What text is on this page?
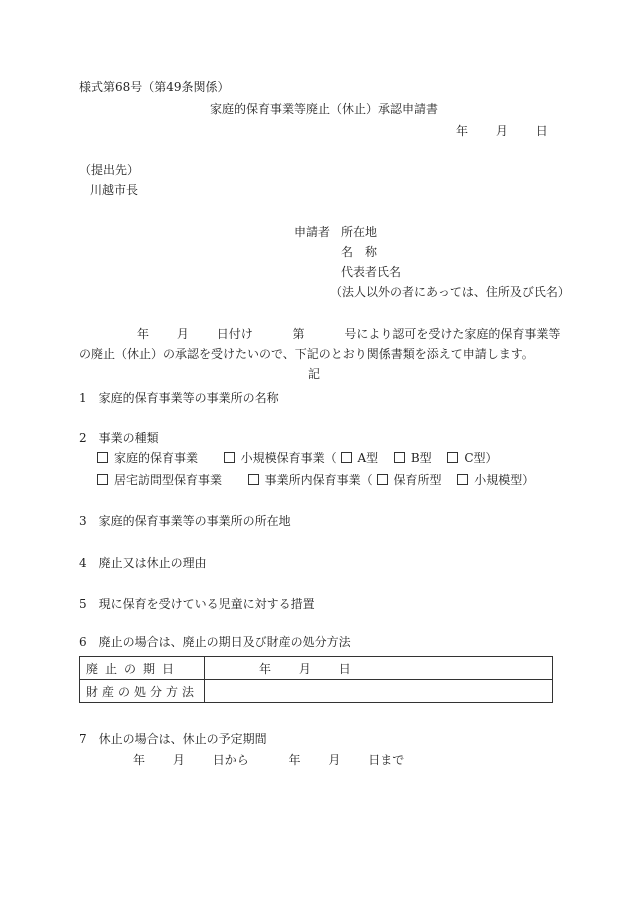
様式第68号（第49条関係）
家庭的保育事業等廃止（休止）承認申請書
年 月 日
（提出先）
川越市長
申請者 所在地
名　称
代表者氏名
（法人以外の者にあっては、住所及び氏名）
年 月 日付け	第	号により認可を受けた家庭的保育事業等
の廃止（休止）の承認を受けたいので、下記のとおり関係書類を添えて申請します。
記
1　家庭的保育事業等の事業所の名称
2　事業の種類
家庭的保育事業	小規模保育事業（ A型	B型	C型）
居宅訪問型保育事業	事業所内保育事業（ 保育所型	小規模型）
3　家庭的保育事業等の事業所の所在地
4　廃止又は休止の理由
5　現に保育を受けている児童に対する措置
6　廃止の場合は、廃止の期日及び財産の処分方法
廃止の期日	年 月 日
財産の処分方法	
7　休止の場合は、休止の予定期間
年 月 日から	年 月 日まで
